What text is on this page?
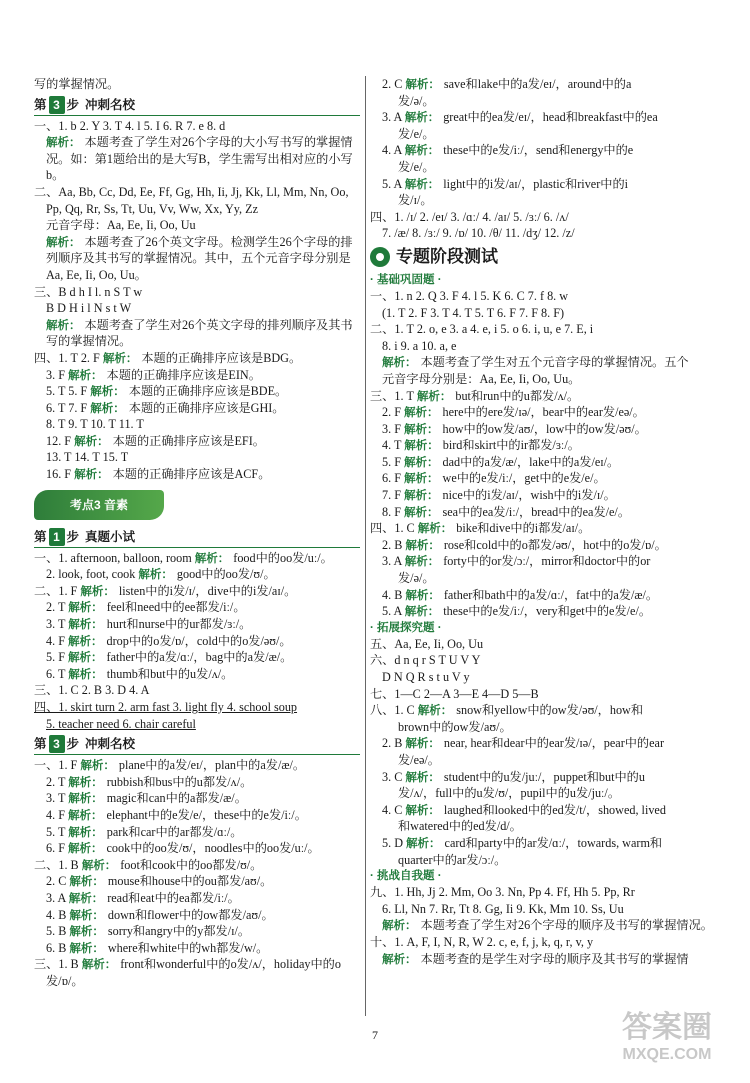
写的掌握情况。
第 3 步 冲刺名校
一、1. b 2. Y 3. T 4. l 5. I 6. R 7. e 8. d
解析： 本题考查了学生对26个字母的大小写书写的掌握情
况。如：第1题给出的是大写B，学生需写出相对应的小写
b。
二、Aa, Bb, Cc, Dd, Ee, Ff, Gg, Hh, Ii, Jj, Kk, Ll, Mm, Nn, Oo,
Pp, Qq, Rr, Ss, Tt, Uu, Vv, Ww, Xx, Yy, Zz
元音字母：Aa, Ee, Ii, Oo, Uu
解析： 本题考查了26个英文字母。检测学生26个字母的排
列顺序及其书写的掌握情况。其中，五个元音字母分别是
Aa, Ee, Ii, Oo, Uu。
三、B d h I l. n S T w
B D H i l N s t W
解析： 本题考查了学生对26个英文字母的排列顺序及其书
写的掌握情况。
四、1. T 2. F 解析： 本题的正确排序应该是BDG。
3. F 解析： 本题的正确排序应该是EIN。
5. T 5. F 解析： 本题的正确排序应该是BDE。
6. T 7. F 解析： 本题的正确排序应该是GHI。
8. T 9. T 10. T 11. T
12. F 解析： 本题的正确排序应该是EFI。
13. T 14. T 15. T
16. F 解析： 本题的正确排序应该是ACF。
考点3 音素
第 1 步 真题小试
一、1. afternoon, balloon, room 解析： food中的oo发/uː/。
2. look, foot, cook 解析： good中的oo发/ʊ/。
二、1. F 解析： listen中的i发/ɪ/，dive中的i发/aɪ/。
2. T 解析： feel和need中的ee都发/iː/。
3. T 解析： hurt和nurse中的ur都发/ɜː/。
4. F 解析： drop中的o发/ɒ/，cold中的o发/əʊ/。
5. F 解析： father中的a发/ɑː/，bag中的a发/æ/。
6. T 解析： thumb和but中的u发/ʌ/。
三、1. C 2. B 3. D 4. A
四、1. skirt turn 2. arm fast 3. light fly 4. school soup
5. teacher need 6. chair careful
第 3 步 冲刺名校
一、1. F 解析： plane中的a发/eɪ/，plan中的a发/æ/。
2. T 解析： rubbish和bus中的u都发/ʌ/。
3. T 解析： magic和can中的a都发/æ/。
4. F 解析： elephant中的e发/e/，these中的e发/iː/。
5. T 解析： park和car中的ar都发/ɑː/。
6. F 解析： cook中的oo发/ʊ/，noodles中的oo发/uː/。
二、1. B 解析： foot和cook中的oo都发/ʊ/。
2. C 解析： mouse和house中的ou都发/aʊ/。
3. A 解析： read和eat中的ea都发/iː/。
4. B 解析： down和flower中的ow都发/aʊ/。
5. B 解析： sorry和angry中的y都发/ɪ/。
6. B 解析： where和white中的wh都发/w/。
三、1. B 解析： front和wonderful中的o发/ʌ/，holiday中的o
发/ɒ/。
2. C 解析： save和lake中的a发/eɪ/，around中的a
发/ə/。
3. A 解析： great中的ea发/eɪ/，head和breakfast中的ea
发/e/。
4. A 解析： these中的e发/iː/，send和energy中的e
发/e/。
5. A 解析： light中的i发/aɪ/，plastic和river中的i
发/ɪ/。
四、1. /ɪ/ 2. /eɪ/ 3. /ɑː/ 4. /aɪ/ 5. /ɜː/ 6. /ʌ/
7. /æ/ 8. /ɜː/ 9. /ɒ/ 10. /θ/ 11. /dʒ/ 12. /z/
专题阶段测试
· 基础巩固题 ·
一、1. n 2. Q 3. F 4. l 5. K 6. C 7. f 8. w
(1. T 2. F 3. T 4. T 5. T 6. F 7. F 8. F)
二、1. T 2. o, e 3. a 4. e, i 5. o 6. i, u, e 7. E, i
8. i 9. a 10. a, e
解析： 本题考查了学生对五个元音字母的掌握情况。五个
元音字母分别是：Aa, Ee, Ii, Oo, Uu。
三、1. T 解析： but和run中的u都发/ʌ/。
2. F 解析： here中的ere发/ɪə/，bear中的ear发/eə/。
3. F 解析： how中的ow发/aʊ/，low中的ow发/əʊ/。
4. T 解析： bird和skirt中的ir都发/ɜː/。
5. F 解析： dad中的a发/æ/，lake中的a发/eɪ/。
6. F 解析： we中的e发/iː/，get中的e发/e/。
7. F 解析： nice中的i发/aɪ/，wish中的i发/ɪ/。
8. F 解析： sea中的ea发/iː/，bread中的ea发/e/。
四、1. C 解析： bike和dive中的i都发/aɪ/。
2. B 解析： rose和cold中的o都发/əʊ/，hot中的o发/ɒ/。
3. A 解析： forty中的or发/ɔː/，mirror和doctor中的or
发/ə/。
4. B 解析： father和bath中的a发/ɑː/，fat中的a发/æ/。
5. A 解析： these中的e发/iː/，very和get中的e发/e/。
· 拓展探究题 ·
五、Aa, Ee, Ii, Oo, Uu
六、d n q r S T U V Y
D N Q R s t u V y
七、1—C 2—A 3—E 4—D 5—B
八、1. C 解析： snow和yellow中的ow发/əʊ/，how和
brown中的ow发/aʊ/。
2. B 解析： near, hear和dear中的ear发/ɪə/，pear中的ear
发/eə/。
3. C 解析： student中的u发/juː/，puppet和but中的u
发/ʌ/，full中的u发/ʊ/，pupil中的u发/juː/。
4. C 解析： laughed和looked中的ed发/t/，showed, lived
和watered中的ed发/d/。
5. D 解析： card和party中的ar发/ɑː/，towards, warm和
quarter中的ar发/ɔː/。
· 挑战自我题 ·
九、1. Hh, Jj 2. Mm, Oo 3. Nn, Pp 4. Ff, Hh 5. Pp, Rr
6. Ll, Nn 7. Rr, Tt 8. Gg, Ii 9. Kk, Mm 10. Ss, Uu
解析： 本题考查了学生对26个字母的顺序及书写的掌握情况。
十、1. A, F, I, N, R, W 2. c, e, f, j, k, q, r, v, y
解析： 本题考查的是学生对字母的顺序及其书写的掌握情
7	答案圈
MXQE.COM
